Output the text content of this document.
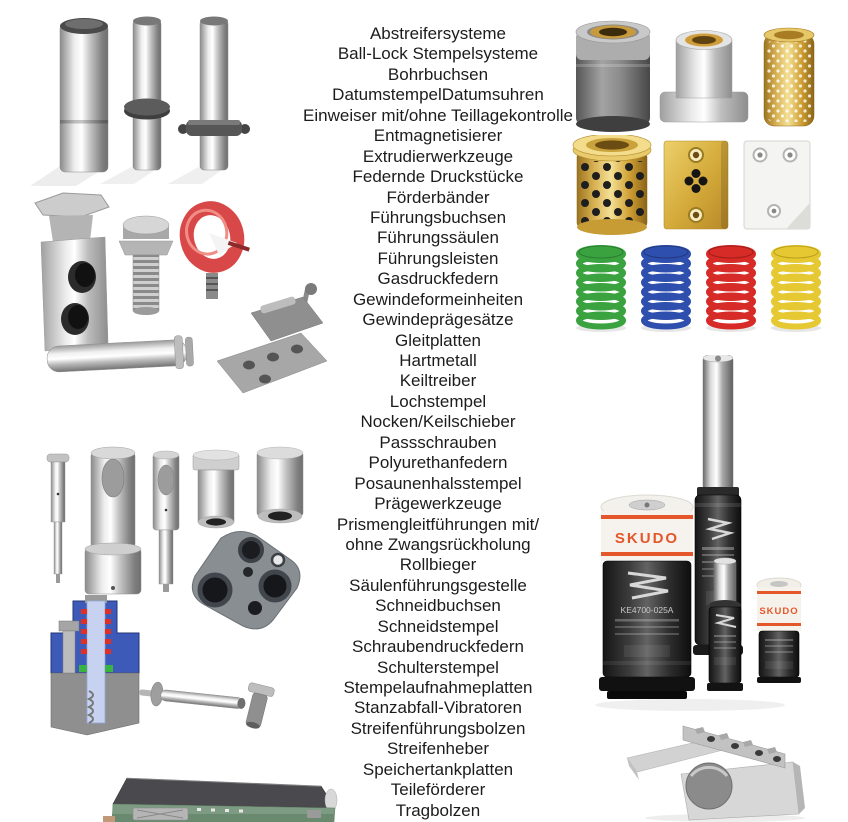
Abstreifersysteme
Ball-Lock Stempelsysteme
Bohrbuchsen
DatumstempelDatumsuhren
Einweiser mit/ohne Teillagekontrolle
Entmagnetisierer
Extrudierwerkzeuge
Federnde Druckstücke
Förderbänder
Führungsbuchsen
Führungssäulen
Führungsleisten
Gasdruckfedern
Gewindeformeinheiten
Gewindeprägesätze
Gleitplatten
Hartmetall
Keiltreiber
Lochstempel
Nocken/Keilschieber
Passschrauben
Polyurethanfedern
Posaunenhalsstempel
Prägewerkzeuge
Prismengleitführungen mit/
ohne Zwangsrückholung
Rollbieger
Säulenführungsgestelle
Schneidbuchsen
Schneidstempel
Schraubendruckfedern
Schulterstempel
Stempelaufnahmeplatten
Stanzabfall-Vibratoren
Streifenführungsbolzen
Streifenheber
Speichertankplatten
Teileförderer
Tragbolzen
SKUDO
KE4700-025A	SKUDO
